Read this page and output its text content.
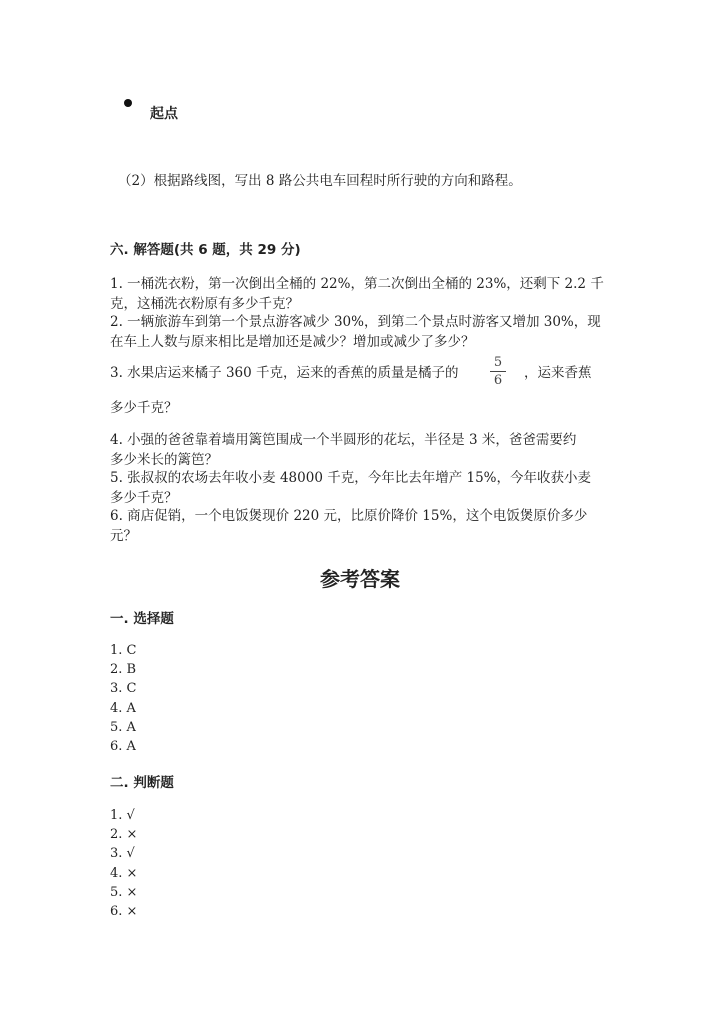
起点
（2）根据路线图，写出 8 路公共电车回程时所行驶的方向和路程。
六. 解答题(共 6 题，共 29 分)
1. 一桶洗衣粉，第一次倒出全桶的 22%，第二次倒出全桶的 23%，还剩下 2.2 千
克，这桶洗衣粉原有多少千克？
2. 一辆旅游车到第一个景点游客减少 30%，到第二个景点时游客又增加 30%，现
在车上人数与原来相比是增加还是减少？增加或减少了多少？
3. 水果店运来橘子 360 千克，运来的香蕉的质量是橘子的
5
6 ，运来香蕉
多少千克？
4. 小强的爸爸靠着墙用篱笆围成一个半圆形的花坛，半径是 3 米，爸爸需要约
多少米长的篱笆？
5. 张叔叔的农场去年收小麦 48000 千克，今年比去年增产 15%，今年收获小麦
多少千克？
6. 商店促销，一个电饭煲现价 220 元，比原价降价 15%，这个电饭煲原价多少
元？
参考答案
一. 选择题
1. C
2. B
3. C
4. A
5. A
6. A
二. 判断题
1. √
2. ×
3. √
4. ×
5. ×
6. ×
